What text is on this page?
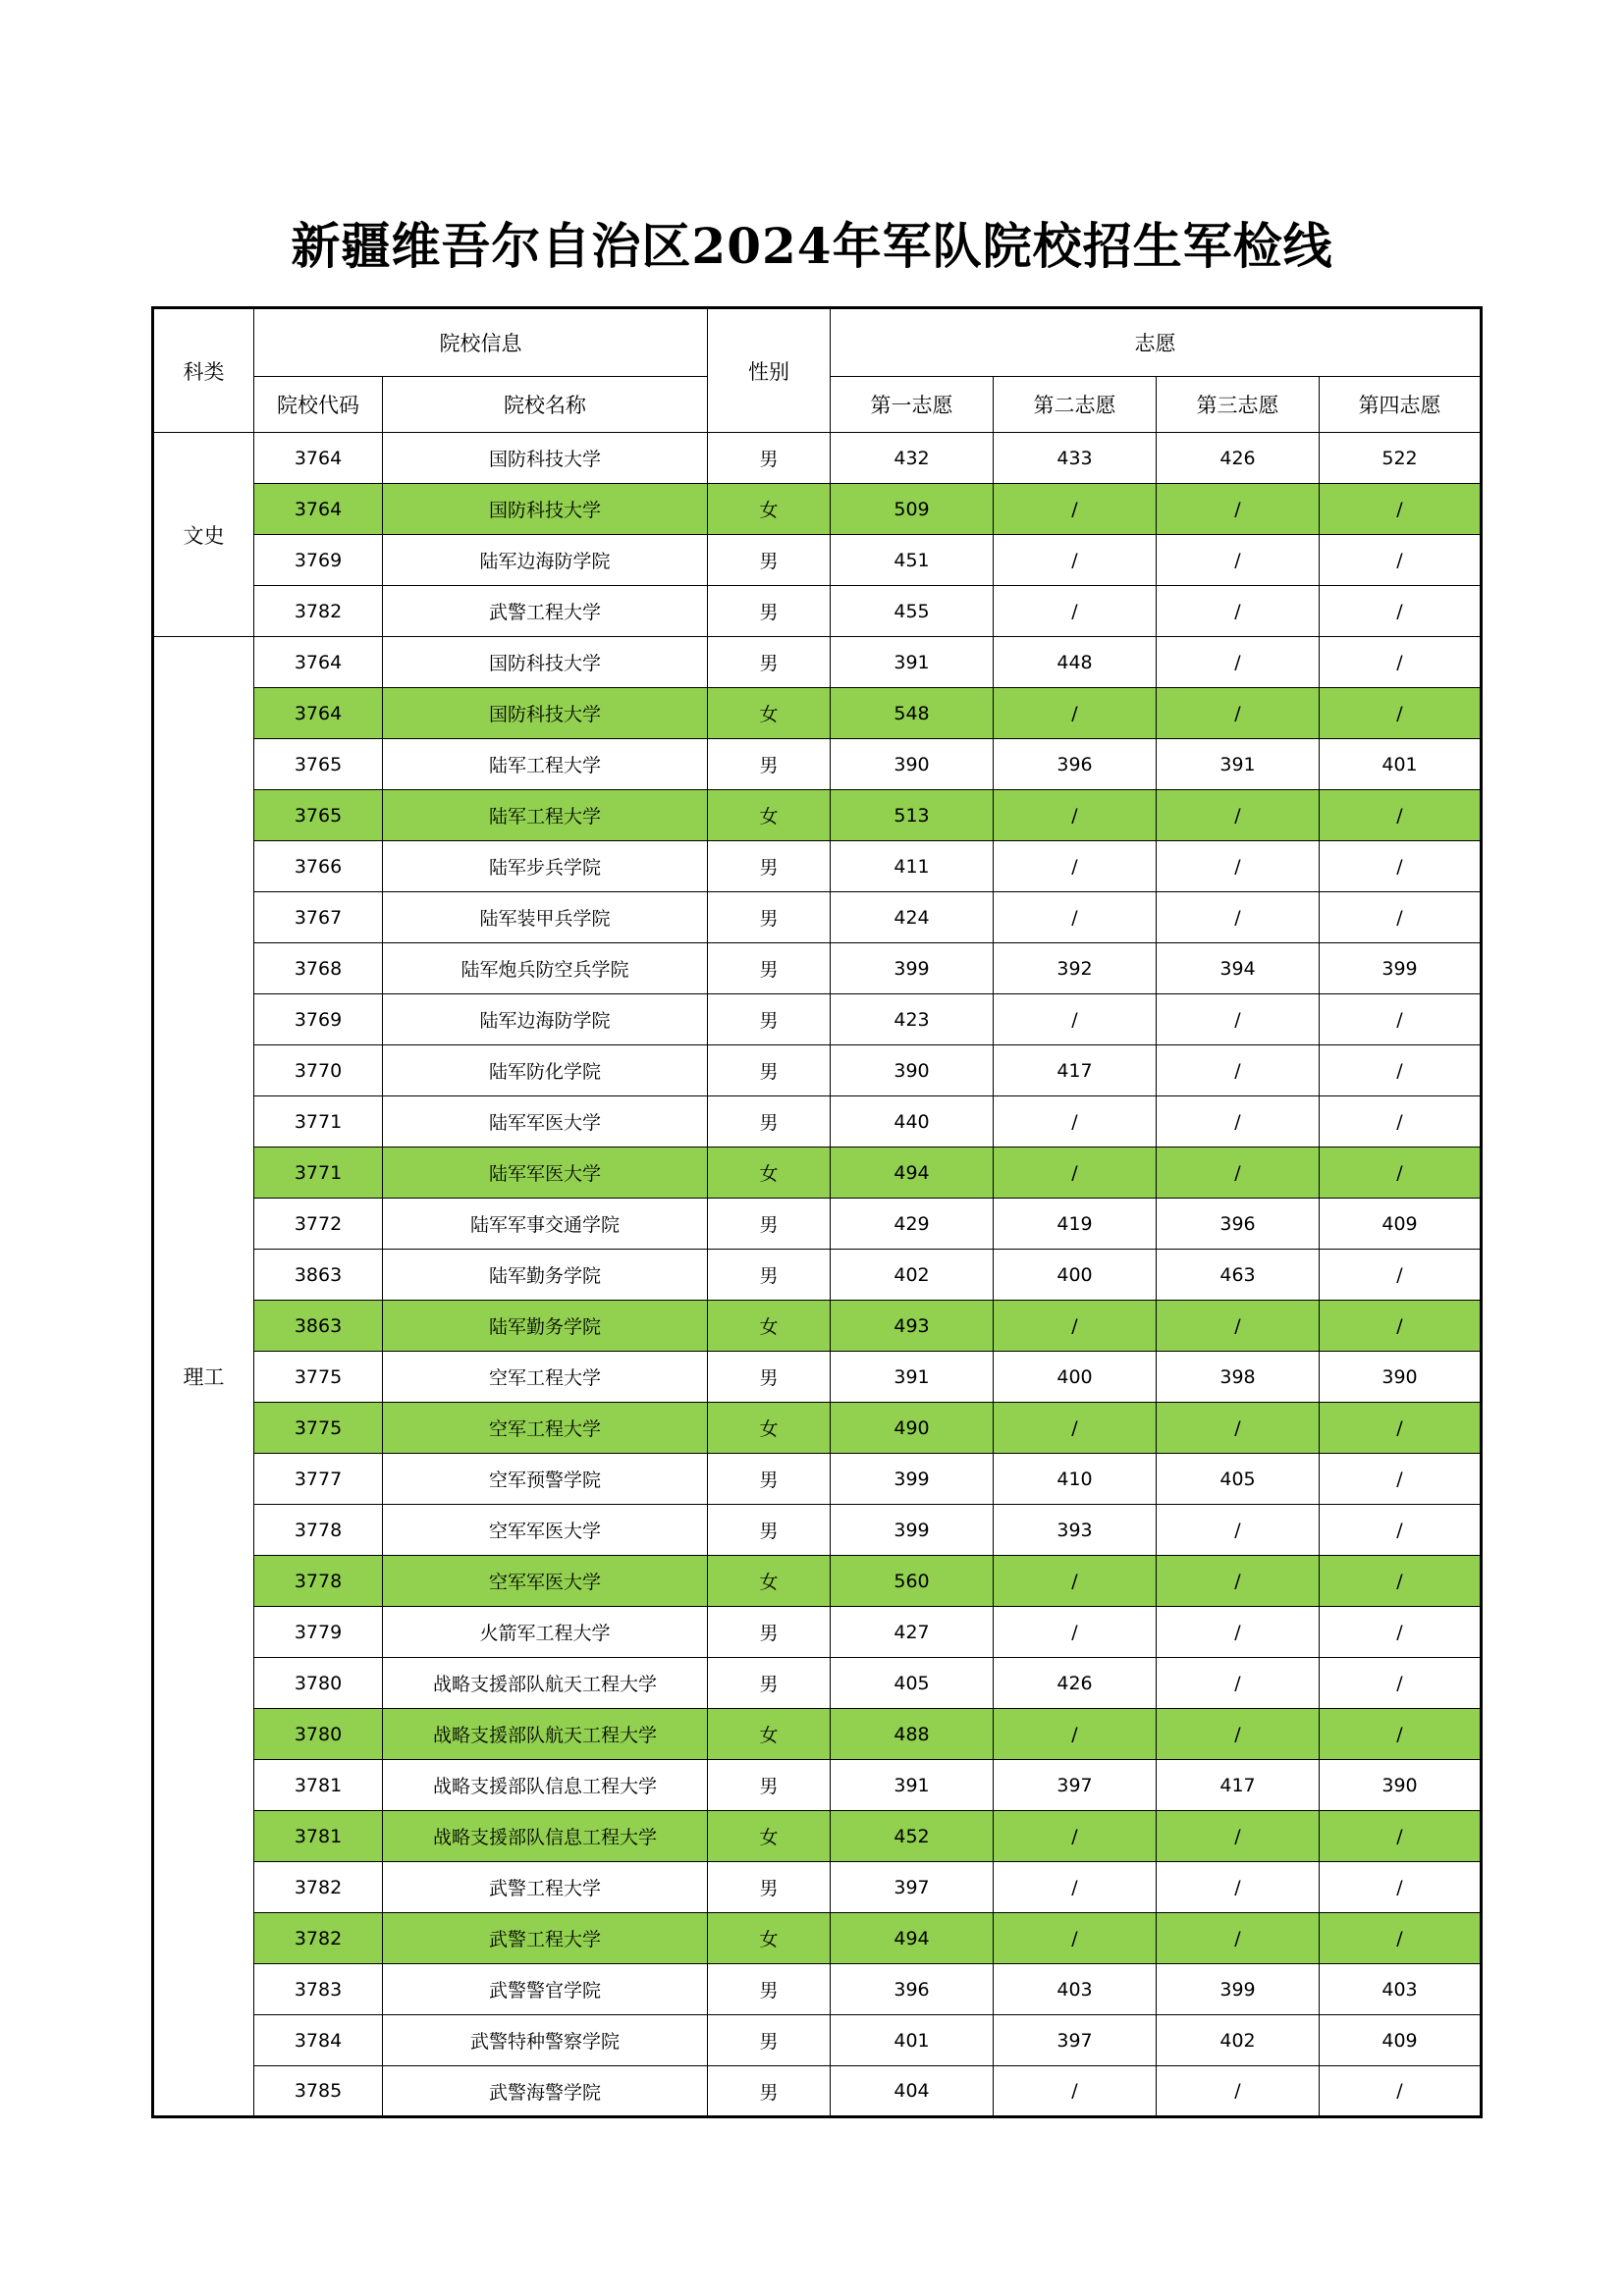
新疆维吾尔自治区2024年军队院校招生军检线
科类	院校信息		性别	志愿			
	院校代码	院校名称		第一志愿	第二志愿	第三志愿	第四志愿
文史	3764	国防科技大学	男	432	433	426	522
	3764	国防科技大学	女	509	/	/	/
	3769	陆军边海防学院	男	451	/	/	/
	3782	武警工程大学	男	455	/	/	/
理工	3764	国防科技大学	男	391	448	/	/
	3764	国防科技大学	女	548	/	/	/
	3765	陆军工程大学	男	390	396	391	401
	3765	陆军工程大学	女	513	/	/	/
	3766	陆军步兵学院	男	411	/	/	/
	3767	陆军装甲兵学院	男	424	/	/	/
	3768	陆军炮兵防空兵学院	男	399	392	394	399
	3769	陆军边海防学院	男	423	/	/	/
	3770	陆军防化学院	男	390	417	/	/
	3771	陆军军医大学	男	440	/	/	/
	3771	陆军军医大学	女	494	/	/	/
	3772	陆军军事交通学院	男	429	419	396	409
	3863	陆军勤务学院	男	402	400	463	/
	3863	陆军勤务学院	女	493	/	/	/
	3775	空军工程大学	男	391	400	398	390
	3775	空军工程大学	女	490	/	/	/
	3777	空军预警学院	男	399	410	405	/
	3778	空军军医大学	男	399	393	/	/
	3778	空军军医大学	女	560	/	/	/
	3779	火箭军工程大学	男	427	/	/	/
	3780	战略支援部队航天工程大学	男	405	426	/	/
	3780	战略支援部队航天工程大学	女	488	/	/	/
	3781	战略支援部队信息工程大学	男	391	397	417	390
	3781	战略支援部队信息工程大学	女	452	/	/	/
	3782	武警工程大学	男	397	/	/	/
	3782	武警工程大学	女	494	/	/	/
	3783	武警警官学院	男	396	403	399	403
	3784	武警特种警察学院	男	401	397	402	409
	3785	武警海警学院	男	404	/	/	/
